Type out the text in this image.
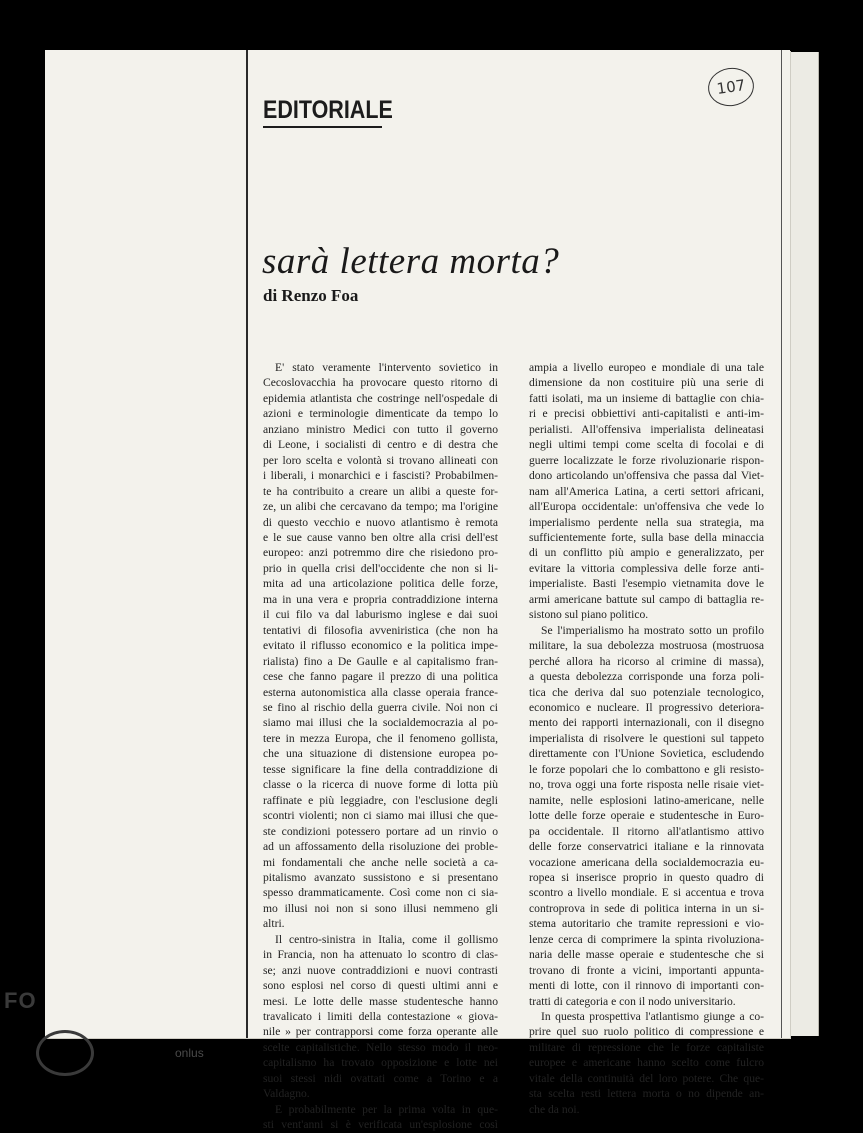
EDITORIALE
107
sarà lettera morta?
di Renzo Foa
E' stato veramente l'intervento sovietico in
Cecoslovacchia ha provocare questo ritorno di
epidemia atlantista che costringe nell'ospedale di
azioni e terminologie dimenticate da tempo lo
anziano ministro Medici con tutto il governo
di Leone, i socialisti di centro e di destra che
per loro scelta e volontà si trovano allineati con
i liberali, i monarchici e i fascisti? Probabilmen-
te ha contribuito a creare un alibi a queste for-
ze, un alibi che cercavano da tempo; ma l'origine
di questo vecchio e nuovo atlantismo è remota
e le sue cause vanno ben oltre alla crisi dell'est
europeo: anzi potremmo dire che risiedono pro-
prio in quella crisi dell'occidente che non si li-
mita ad una articolazione politica delle forze,
ma in una vera e propria contraddizione interna
il cui filo va dal laburismo inglese e dai suoi
tentativi di filosofia avveniristica (che non ha
evitato il riflusso economico e la politica impe-
rialista) fino a De Gaulle e al capitalismo fran-
cese che fanno pagare il prezzo di una politica
esterna autonomistica alla classe operaia france-
se fino al rischio della guerra civile. Noi non ci
siamo mai illusi che la socialdemocrazia al po-
tere in mezza Europa, che il fenomeno gollista,
che una situazione di distensione europea po-
tesse significare la fine della contraddizione di
classe o la ricerca di nuove forme di lotta più
raffinate e più leggiadre, con l'esclusione degli
scontri violenti; non ci siamo mai illusi che que-
ste condizioni potessero portare ad un rinvio o
ad un affossamento della risoluzione dei proble-
mi fondamentali che anche nelle società a ca-
pitalismo avanzato sussistono e si presentano
spesso drammaticamente. Così come non ci sia-
mo illusi noi non si sono illusi nemmeno gli
altri.
Il centro-sinistra in Italia, come il gollismo
in Francia, non ha attenuato lo scontro di clas-
se; anzi nuove contraddizioni e nuovi contrasti
sono esplosi nel corso di questi ultimi anni e
mesi. Le lotte delle masse studentesche hanno
travalicato i limiti della contestazione « giova-
nile » per contrapporsi come forza operante alle
scelte capitalistiche. Nello stesso modo il neo-
capitalismo ha trovato opposizione e lotte nei
suoi stessi nidi ovattati come a Torino e a
Valdagno.
E probabilmente per la prima volta in que-
sti vent'anni si è verificata un'esplosione così
ampia a livello europeo e mondiale di una tale
dimensione da non costituire più una serie di
fatti isolati, ma un insieme di battaglie con chia-
ri e precisi obbiettivi anti-capitalisti e anti-im-
perialisti. All'offensiva imperialista delineatasi
negli ultimi tempi come scelta di focolai e di
guerre localizzate le forze rivoluzionarie rispon-
dono articolando un'offensiva che passa dal Viet-
nam all'America Latina, a certi settori africani,
all'Europa occidentale: un'offensiva che vede lo
imperialismo perdente nella sua strategia, ma
sufficientemente forte, sulla base della minaccia
di un conflitto più ampio e generalizzato, per
evitare la vittoria complessiva delle forze anti-
imperialiste. Basti l'esempio vietnamita dove le
armi americane battute sul campo di battaglia re-
sistono sul piano politico.
Se l'imperialismo ha mostrato sotto un profilo
militare, la sua debolezza mostruosa (mostruosa
perché allora ha ricorso al crimine di massa),
a questa debolezza corrisponde una forza poli-
tica che deriva dal suo potenziale tecnologico,
economico e nucleare. Il progressivo deteriora-
mento dei rapporti internazionali, con il disegno
imperialista di risolvere le questioni sul tappeto
direttamente con l'Unione Sovietica, escludendo
le forze popolari che lo combattono e gli resisto-
no, trova oggi una forte risposta nelle risaie viet-
namite, nelle esplosioni latino-americane, nelle
lotte delle forze operaie e studentesche in Euro-
pa occidentale. Il ritorno all'atlantismo attivo
delle forze conservatrici italiane e la rinnovata
vocazione americana della socialdemocrazia eu-
ropea si inserisce proprio in questo quadro di
scontro a livello mondiale. E si accentua e trova
controprova in sede di politica interna in un si-
stema autoritario che tramite repressioni e vio-
lenze cerca di comprimere la spinta rivoluziona-
naria delle masse operaie e studentesche che si
trovano di fronte a vicini, importanti appunta-
menti di lotte, con il rinnovo di importanti con-
tratti di categoria e con il nodo universitario.
In questa prospettiva l'atlantismo giunge a co-
prire quel suo ruolo politico di compressione e
militare di repressione che le forze capitaliste
europee e americane hanno scelto come fulcro
vitale della continuità del loro potere. Che que-
sta scelta resti lettera morta o no dipende an-
che da noi.
FO
onlus
